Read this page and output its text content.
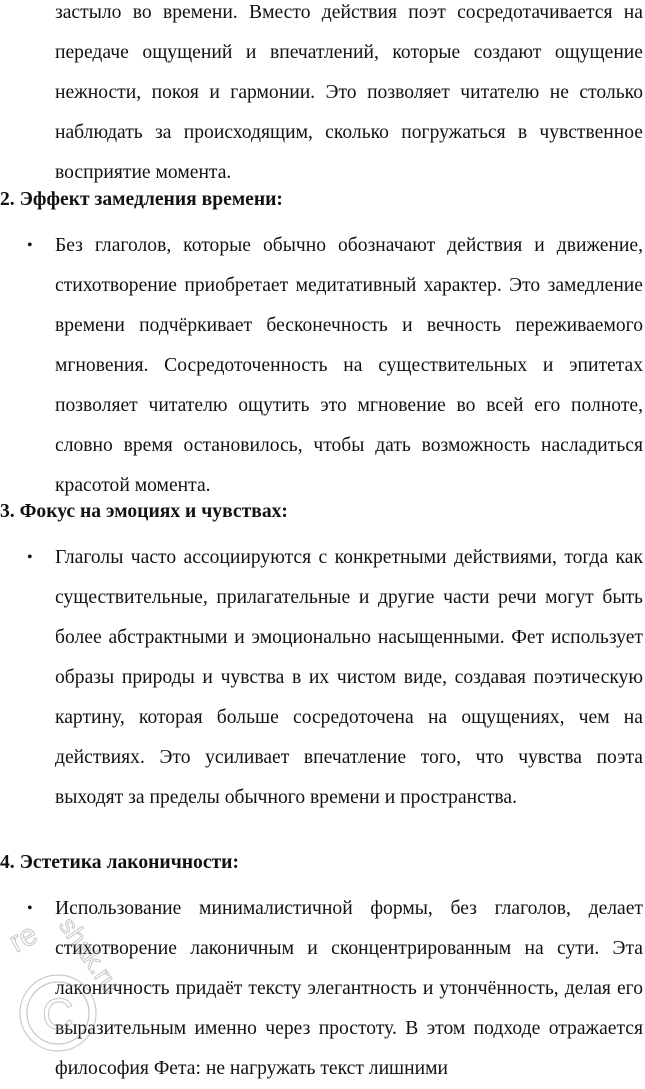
застыло во времени. Вместо действия поэт сосредотачивается на передаче ощущений и впечатлений, которые создают ощущение нежности, покоя и гармонии. Это позволяет читателю не столько наблюдать за происходящим, сколько погружаться в чувственное восприятие момента.

2. Эффект замедления времени:
• Без глаголов, которые обычно обозначают действия и движение, стихотворение приобретает медитативный характер. Это замедление времени подчёркивает бесконечность и вечность переживаемого мгновения. Сосредоточенность на существительных и эпитетах позволяет читателю ощутить это мгновение во всей его полноте, словно время остановилось, чтобы дать возможность насладиться красотой момента.

3. Фокус на эмоциях и чувствах:
• Глаголы часто ассоциируются с конкретными действиями, тогда как существительные, прилагательные и другие части речи могут быть более абстрактными и эмоционально насыщенными. Фет использует образы природы и чувства в их чистом виде, создавая поэтическую картину, которая больше сосредоточена на ощущениях, чем на действиях. Это усиливает впечатление того, что чувства поэта выходят за пределы обычного времени и пространства.

4. Эстетика лаконичности:
• Использование минималистичной формы, без глаголов, делает стихотворение лаконичным и сконцентрированным на сути. Эта лаконичность придаёт тексту элегантность и утончённость, делая его выразительным именно через простоту. В этом подходе отражается философия Фета: не нагружать текст лишними

C
re shak.ru
